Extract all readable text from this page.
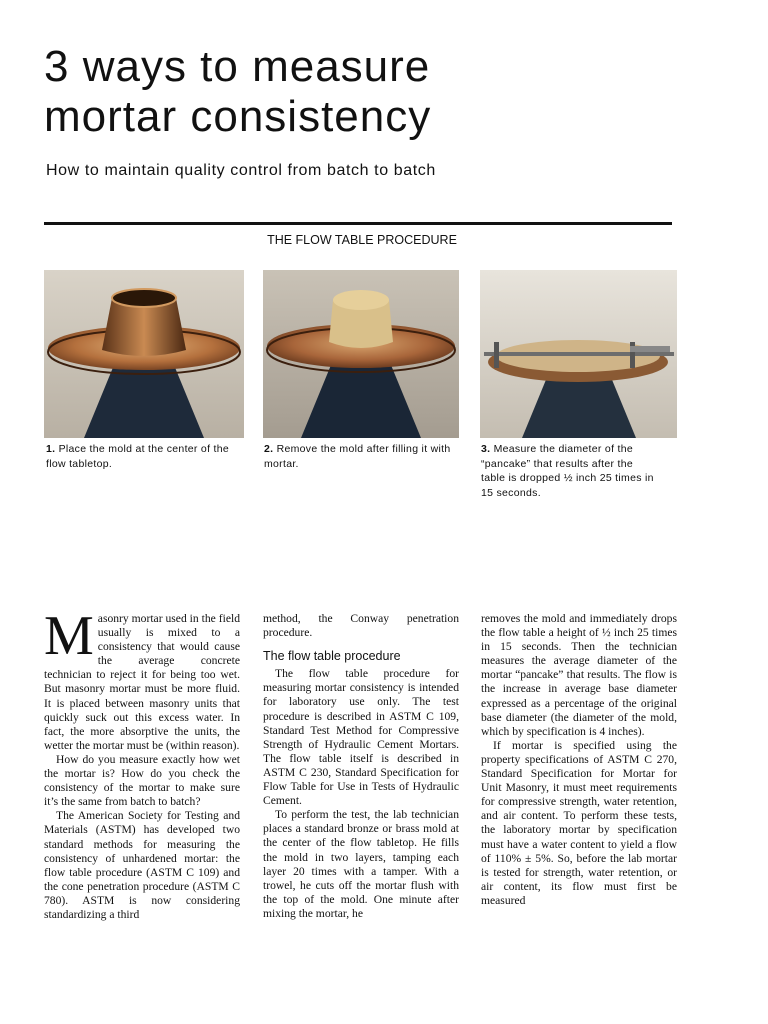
3 ways to measure
mortar consistency
How to maintain quality control from batch to batch
THE FLOW TABLE PROCEDURE
1. Place the mold at the center of the flow tabletop.
2. Remove the mold after filling it with mortar.
3. Measure the diameter of the “pancake” that results after the table is dropped ½ inch 25 times in 15 seconds.

Masonry mortar used in the field usually is mixed to a consistency that would cause the average concrete technician to reject it for being too wet. But masonry mortar must be more fluid. It is placed between masonry units that quickly suck out this excess water. In fact, the more absorptive the units, the wetter the mortar must be (within reason).

How do you measure exactly how wet the mortar is? How do you check the consistency of the mortar to make sure it’s the same from batch to batch?

The American Society for Testing and Materials (ASTM) has developed two standard methods for measuring the consistency of unhardened mortar: the flow table procedure (ASTM C 109) and the cone penetration procedure (ASTM C 780). ASTM is now considering standardizing a third

method, the Conway penetration procedure.

The flow table procedure

The flow table procedure for measuring mortar consistency is intended for laboratory use only. The test procedure is described in ASTM C 109, Standard Test Method for Compressive Strength of Hydraulic Cement Mortars. The flow table itself is described in ASTM C 230, Standard Specification for Flow Table for Use in Tests of Hydraulic Cement.

To perform the test, the lab technician places a standard bronze or brass mold at the center of the flow tabletop. He fills the mold in two layers, tamping each layer 20 times with a tamper. With a trowel, he cuts off the mortar flush with the top of the mold. One minute after mixing the mortar, he

removes the mold and immediately drops the flow table a height of ½ inch 25 times in 15 seconds. Then the technician measures the average diameter of the mortar “pancake” that results. The flow is the increase in average base diameter expressed as a percentage of the original base diameter (the diameter of the mold, which by specification is 4 inches).

If mortar is specified using the property specifications of ASTM C 270, Standard Specification for Mortar for Unit Masonry, it must meet requirements for compressive strength, water retention, and air content. To perform these tests, the laboratory mortar by specification must have a water content to yield a flow of 110% ± 5%. So, before the lab mortar is tested for strength, water retention, or air content, its flow must first be measured
